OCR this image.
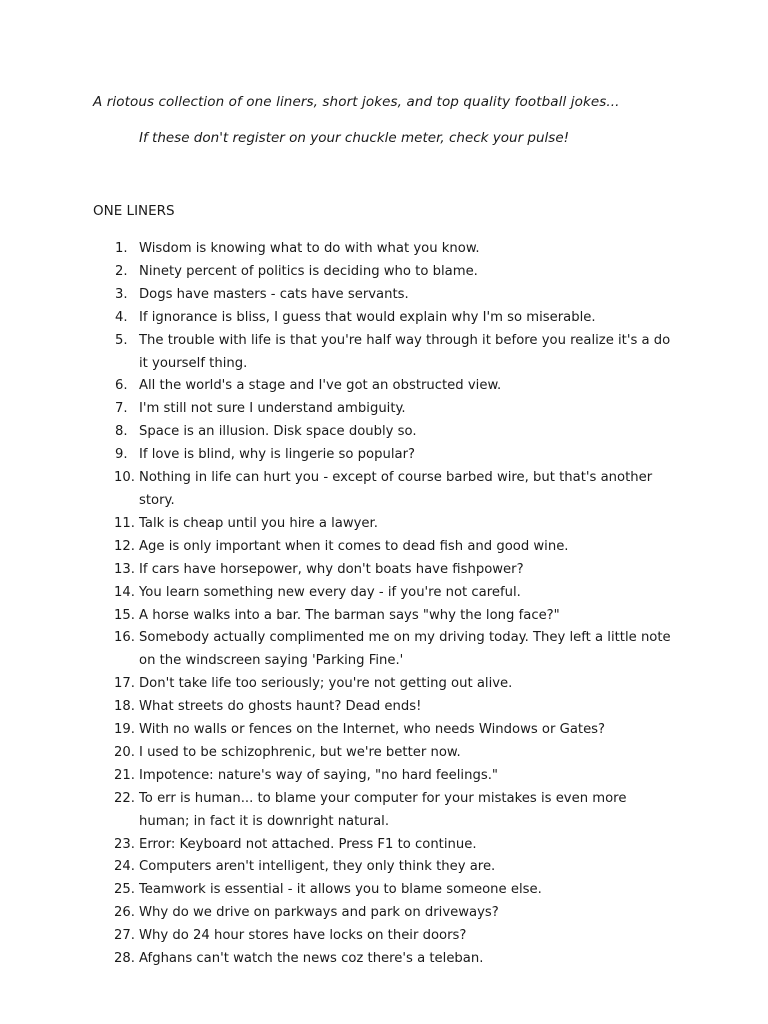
A riotous collection of one liners, short jokes, and top quality football jokes...
If these don't register on your chuckle meter, check your pulse!
ONE LINERS
1. Wisdom is knowing what to do with what you know.
2. Ninety percent of politics is deciding who to blame.
3. Dogs have masters - cats have servants.
4. If ignorance is bliss, I guess that would explain why I'm so miserable.
5. The trouble with life is that you're half way through it before you realize it's a do it yourself thing.
6. All the world's a stage and I've got an obstructed view.
7. I'm still not sure I understand ambiguity.
8. Space is an illusion. Disk space doubly so.
9. If love is blind, why is lingerie so popular?
10. Nothing in life can hurt you - except of course barbed wire, but that's another story.
11. Talk is cheap until you hire a lawyer.
12. Age is only important when it comes to dead fish and good wine.
13. If cars have horsepower, why don't boats have fishpower?
14. You learn something new every day - if you're not careful.
15. A horse walks into a bar. The barman says "why the long face?"
16. Somebody actually complimented me on my driving today. They left a little note on the windscreen saying 'Parking Fine.'
17. Don't take life too seriously; you're not getting out alive.
18. What streets do ghosts haunt? Dead ends!
19. With no walls or fences on the Internet, who needs Windows or Gates?
20. I used to be schizophrenic, but we're better now.
21. Impotence: nature's way of saying, "no hard feelings."
22. To err is human... to blame your computer for your mistakes is even more human; in fact it is downright natural.
23. Error: Keyboard not attached. Press F1 to continue.
24. Computers aren't intelligent, they only think they are.
25. Teamwork is essential - it allows you to blame someone else.
26. Why do we drive on parkways and park on driveways?
27. Why do 24 hour stores have locks on their doors?
28. Afghans can't watch the news coz there's a teleban.
